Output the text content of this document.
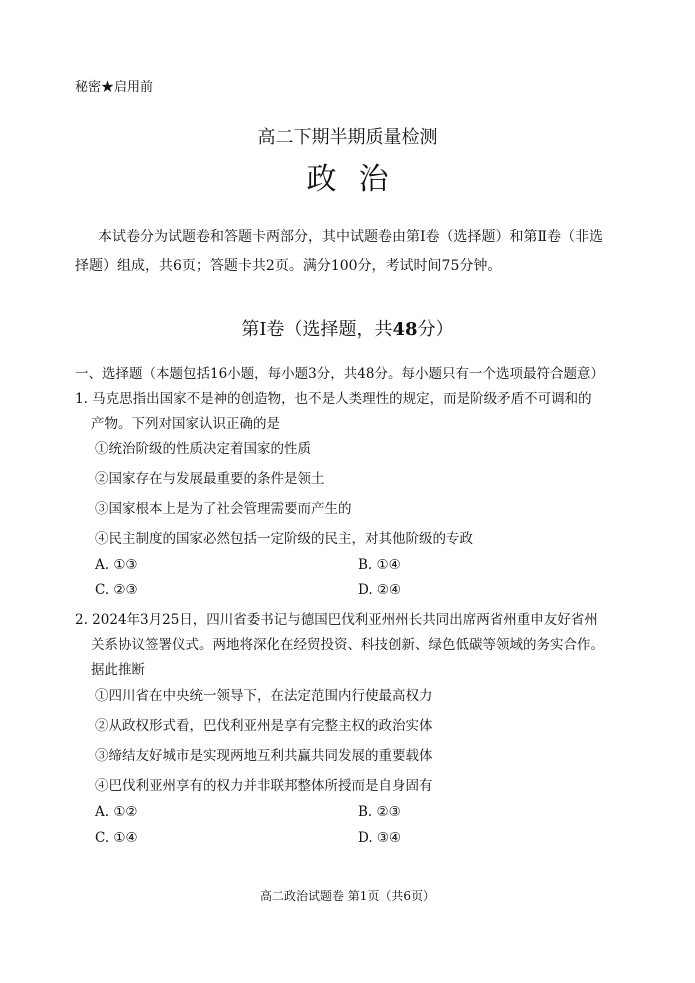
秘密★启用前
高二下期半期质量检测
政治
本试卷分为试题卷和答题卡两部分，其中试题卷由第Ⅰ卷（选择题）和第Ⅱ卷（非选
择题）组成，共6页；答题卡共2页。满分100分，考试时间75分钟。
第Ⅰ卷（选择题，共48分）
一、选择题（本题包括16小题，每小题3分，共48分。每小题只有一个选项最符合题意）
1. 马克思指出国家不是神的创造物，也不是人类理性的规定，而是阶级矛盾不可调和的
产物。下列对国家认识正确的是
①统治阶级的性质决定着国家的性质
②国家存在与发展最重要的条件是领土
③国家根本上是为了社会管理需要而产生的
④民主制度的国家必然包括一定阶级的民主，对其他阶级的专政
A. ①③	B. ①④
C. ②③	D. ②④
2. 2024年3月25日，四川省委书记与德国巴伐利亚州州长共同出席两省州重申友好省州
关系协议签署仪式。两地将深化在经贸投资、科技创新、绿色低碳等领域的务实合作。
据此推断
①四川省在中央统一领导下，在法定范围内行使最高权力
②从政权形式看，巴伐利亚州是享有完整主权的政治实体
③缔结友好城市是实现两地互利共赢共同发展的重要载体
④巴伐利亚州享有的权力并非联邦整体所授而是自身固有
A. ①②	B. ②③
C. ①④	D. ③④
高二政治试题卷 第1页（共6页）
